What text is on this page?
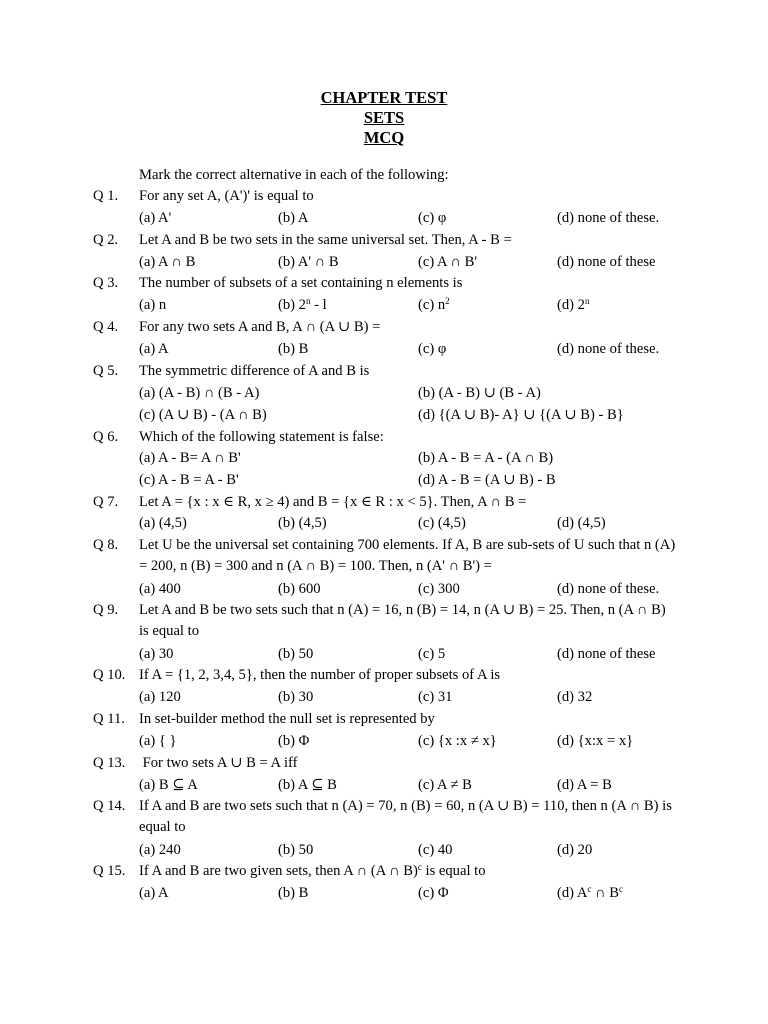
CHAPTER TEST
SETS
MCQ
Mark the correct alternative in each of the following:
Q 1. For any set A, (A')' is equal to
(a) A'	(b) A	(c) φ	(d) none of these.
Q 2. Let A and B be two sets in the same universal set. Then, A - B =
(a) A ∩ B	(b) A' ∩ B	(c) A ∩ B'	(d) none of these
Q 3. The number of subsets of a set containing n elements is
(a) n	(b) 2$^n$ - l	(c) $n^2$	(d) 2$^n$
Q 4. For any two sets A and B, A ∩ (A ∪ B) =
(a) A	(b) B	(c) φ	(d) none of these.
Q 5. The symmetric difference of A and B is
(a) (A - B) ∩ (B - A)	(b) (A - B) ∪ (B - A)
(c) (A ∪ B) - (A ∩ B)	(d) {(A ∪ B)- A} ∪ {(A ∪ B) - B}
Q 6. Which of the following statement is false:
(a) A - B= A ∩ B'	(b) A - B = A - (A ∩ B)
(c) A - B = A - B'	(d) A - B = (A ∪ B) - B
Q 7. Let A = {x : x ∈ R, x ≥ 4) and B = {x ∈ R : x < 5}. Then, A ∩ B =
(a) (4,5)	(b) (4,5)	(c) (4,5)	(d) (4,5)
Q 8. Let U be the universal set containing 700 elements. If A, B are sub-sets of U such that n (A) = 200, n (B) = 300 and n (A ∩ B) = 100. Then, n (A' ∩ B') =
(a) 400	(b) 600	(c) 300	(d) none of these.
Q 9. Let A and B be two sets such that n (A) = 16, n (B) = 14, n (A ∪ B) = 25. Then, n (A ∩ B) is equal to
(a) 30	(b) 50	(c) 5	(d) none of these
Q 10. If A = {1, 2, 3,4, 5}, then the number of proper subsets of A is
(a) 120	(b) 30	(c) 31	(d) 32
Q 11. In set-builder method the null set is represented by
(a) { }	(b) Φ	(c) {x :x ≠ x}	(d) {x:x = x}
Q 13. For two sets A ∪ B = A iff
(a) B ⊆ A	(b) A ⊆ B	(c) A ≠ B	(d) A = B
Q 14. If A and B are two sets such that n (A) = 70, n (B) = 60, n (A ∪ B) = 110, then n (A ∩ B) is equal to
(a) 240	(b) 50	(c) 40	(d) 20
Q 15. If A and B are two given sets, then A ∩ (A ∩ B)$^c$ is equal to
(a) A	(b) B	(c) Φ	(d) $A^c$ ∩ $B^c$
